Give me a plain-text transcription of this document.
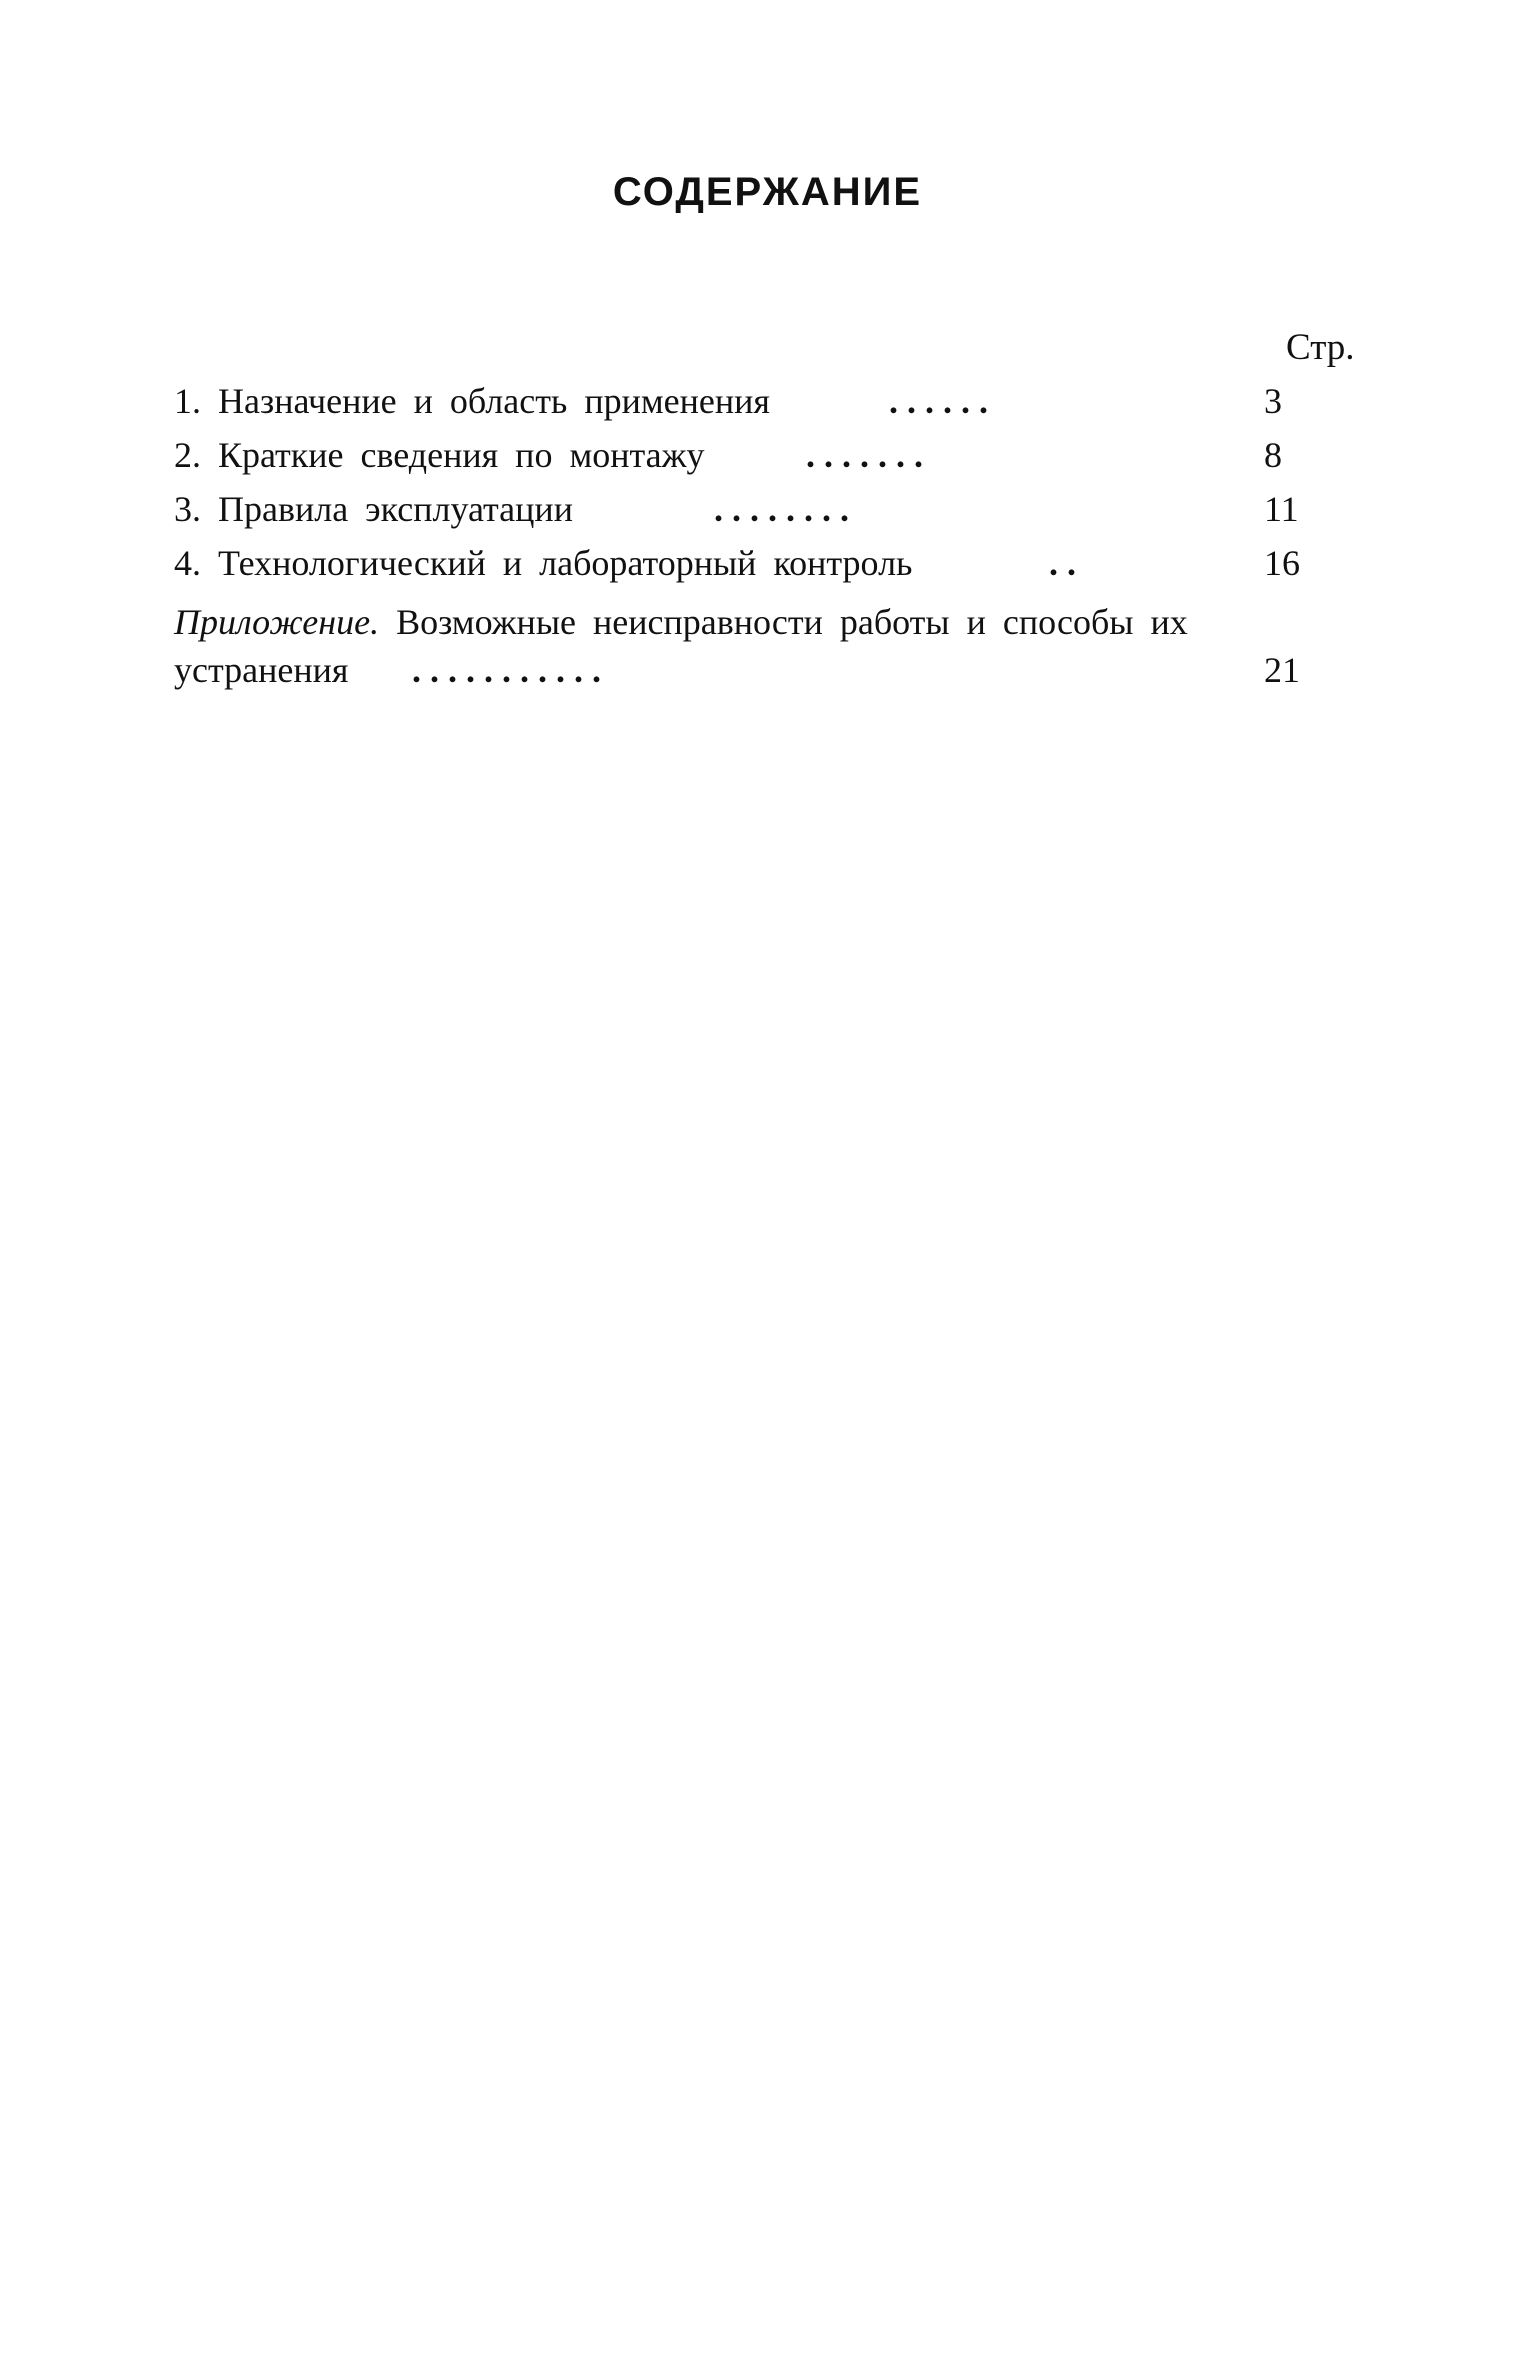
СОДЕРЖАНИЕ
Стр.
1. Назначение и область применения	. . . . . .	3
2. Краткие сведения по монтажу	. . . . . . .	8
3. Правила эксплуатации	. . . . . . . .	11
4. Технологический и лабораторный контроль	. .	16
Приложение. Возможные неисправности работы и способы их
устранения . . . . . . . . . . .	21
